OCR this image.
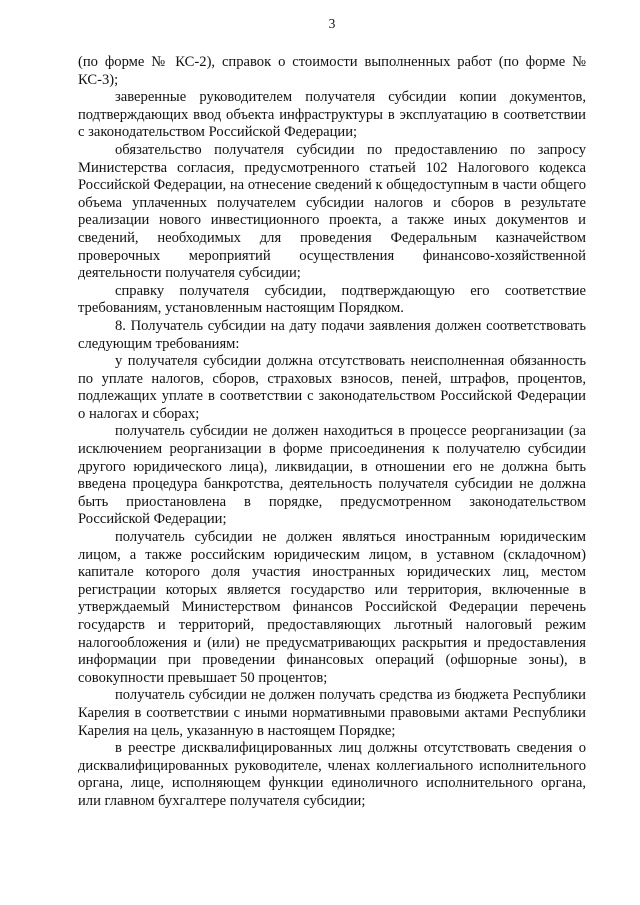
3

(по форме № КС-2), справок о стоимости выполненных работ (по форме № КС-3);

заверенные руководителем получателя субсидии копии документов, подтверждающих ввод объекта инфраструктуры в эксплуатацию в соответствии с законодательством Российской Федерации;

обязательство получателя субсидии по предоставлению по запросу Министерства согласия, предусмотренного статьей 102 Налогового кодекса Российской Федерации, на отнесение сведений к общедоступным в части общего объема уплаченных получателем субсидии налогов и сборов в результате реализации нового инвестиционного проекта, а также иных документов и сведений, необходимых для проведения Федеральным казначейством проверочных мероприятий осуществления финансово-хозяйственной деятельности получателя субсидии;

справку получателя субсидии, подтверждающую его соответствие требованиям, установленным настоящим Порядком.

8. Получатель субсидии на дату подачи заявления должен соответствовать следующим требованиям:

у получателя субсидии должна отсутствовать неисполненная обязанность по уплате налогов, сборов, страховых взносов, пеней, штрафов, процентов, подлежащих уплате в соответствии с законодательством Российской Федерации о налогах и сборах;

получатель субсидии не должен находиться в процессе реорганизации (за исключением реорганизации в форме присоединения к получателю субсидии другого юридического лица), ликвидации, в отношении его не должна быть введена процедура банкротства, деятельность получателя субсидии не должна быть приостановлена в порядке, предусмотренном законодательством Российской Федерации;

получатель субсидии не должен являться иностранным юридическим лицом, а также российским юридическим лицом, в уставном (складочном) капитале которого доля участия иностранных юридических лиц, местом регистрации которых является государство или территория, включенные в утверждаемый Министерством финансов Российской Федерации перечень государств и территорий, предоставляющих льготный налоговый режим налогообложения и (или) не предусматривающих раскрытия и предоставления информации при проведении финансовых операций (офшорные зоны), в совокупности превышает 50 процентов;

получатель субсидии не должен получать средства из бюджета Республики Карелия в соответствии с иными нормативными правовыми актами Республики Карелия на цель, указанную в настоящем Порядке;

в реестре дисквалифицированных лиц должны отсутствовать сведения о дисквалифицированных руководителе, членах коллегиального исполнительного органа, лице, исполняющем функции единоличного исполнительного органа, или главном бухгалтере получателя субсидии;
